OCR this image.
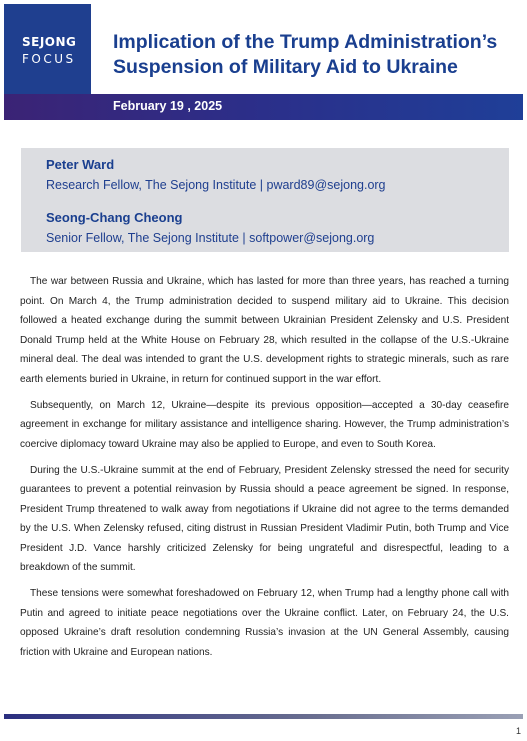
SEJONG
FOCUS
Implication of the Trump Administration’s Suspension of Military Aid to Ukraine
February 19 , 2025
Peter Ward
Research Fellow, The Sejong Institute | pward89@sejong.org
Seong-Chang Cheong
Senior Fellow, The Sejong Institute | softpower@sejong.org

The war between Russia and Ukraine, which has lasted for more than three years, has reached a turning point. On March 4, the Trump administration decided to suspend military aid to Ukraine. This decision followed a heated exchange during the summit between Ukrainian President Zelensky and U.S. President Donald Trump held at the White House on February 28, which resulted in the collapse of the U.S.-Ukraine mineral deal. The deal was intended to grant the U.S. development rights to strategic minerals, such as rare earth elements buried in Ukraine, in return for continued support in the war effort.

Subsequently, on March 12, Ukraine—despite its previous opposition—accepted a 30-day ceasefire agreement in exchange for military assistance and intelligence sharing. However, the Trump administration’s coercive diplomacy toward Ukraine may also be applied to Europe, and even to South Korea.

During the U.S.-Ukraine summit at the end of February, President Zelensky stressed the need for security guarantees to prevent a potential reinvasion by Russia should a peace agreement be signed. In response, President Trump threatened to walk away from negotiations if Ukraine did not agree to the terms demanded by the U.S. When Zelensky refused, citing distrust in Russian President Vladimir Putin, both Trump and Vice President J.D. Vance harshly criticized Zelensky for being ungrateful and disrespectful, leading to a breakdown of the summit.

These tensions were somewhat foreshadowed on February 12, when Trump had a lengthy phone call with Putin and agreed to initiate peace negotiations over the Ukraine conflict. Later, on February 24, the U.S. opposed Ukraine’s draft resolution condemning Russia’s invasion at the UN General Assembly, causing friction with Ukraine and European nations.

1
